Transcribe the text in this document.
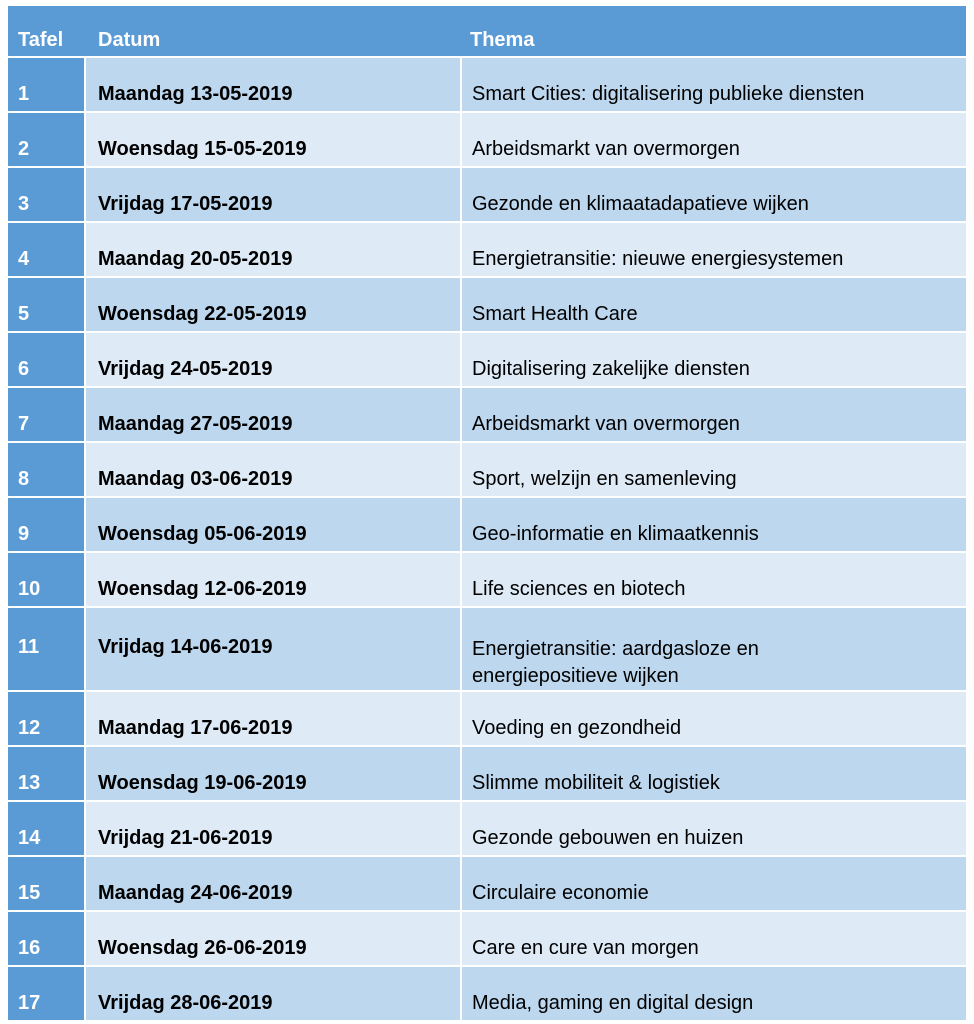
Tafel	Datum	Thema
1	Maandag 13-05-2019	Smart Cities: digitalisering publieke diensten
2	Woensdag 15-05-2019	Arbeidsmarkt van overmorgen
3	Vrijdag 17-05-2019	Gezonde en klimaatadapatieve wijken
4	Maandag 20-05-2019	Energietransitie: nieuwe energiesystemen
5	Woensdag 22-05-2019	Smart Health Care
6	Vrijdag 24-05-2019	Digitalisering zakelijke diensten
7	Maandag 27-05-2019	Arbeidsmarkt van overmorgen
8	Maandag 03-06-2019	Sport, welzijn en samenleving
9	Woensdag 05-06-2019	Geo-informatie en klimaatkennis
10	Woensdag 12-06-2019	Life sciences en biotech
11	Vrijdag 14-06-2019	Energietransitie: aardgasloze en
energiepositieve wijken

12	Maandag 17-06-2019	Voeding en gezondheid
13	Woensdag 19-06-2019	Slimme mobiliteit & logistiek
14	Vrijdag 21-06-2019	Gezonde gebouwen en huizen
15	Maandag 24-06-2019	Circulaire economie
16	Woensdag 26-06-2019	Care en cure van morgen
17	Vrijdag 28-06-2019	Media, gaming en digital design
